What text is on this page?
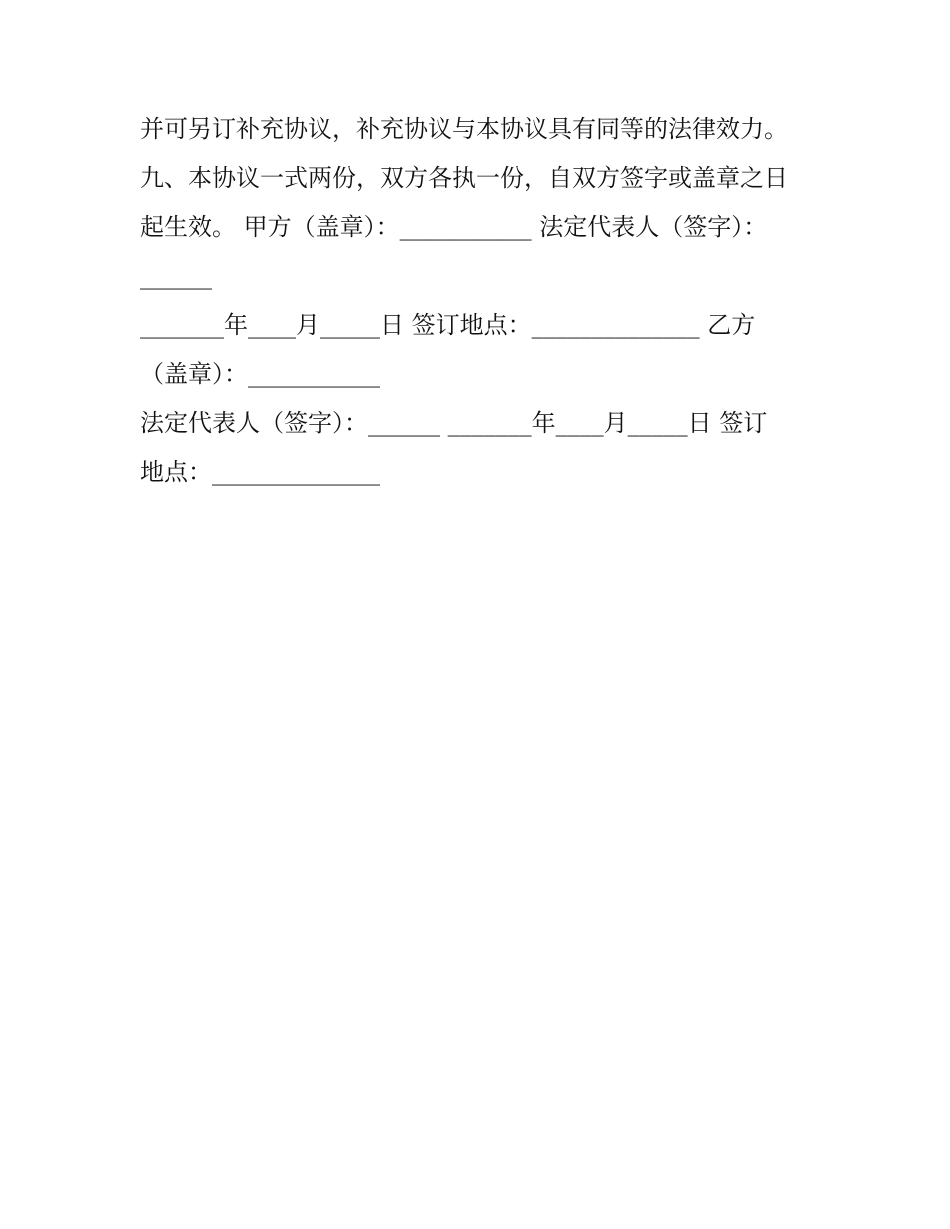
并可另订补充协议，补充协议与本协议具有同等的法律效力。

九、本协议一式两份，双方各执一份，自双方签字或盖章之日

起生效。 甲方（盖章）：___________ 法定代表人（签字）：

______

_______年____月_____日 签订地点：______________ 乙方

（盖章）：___________

法定代表人（签字）：______ _______年____月_____日 签订

地点：______________
